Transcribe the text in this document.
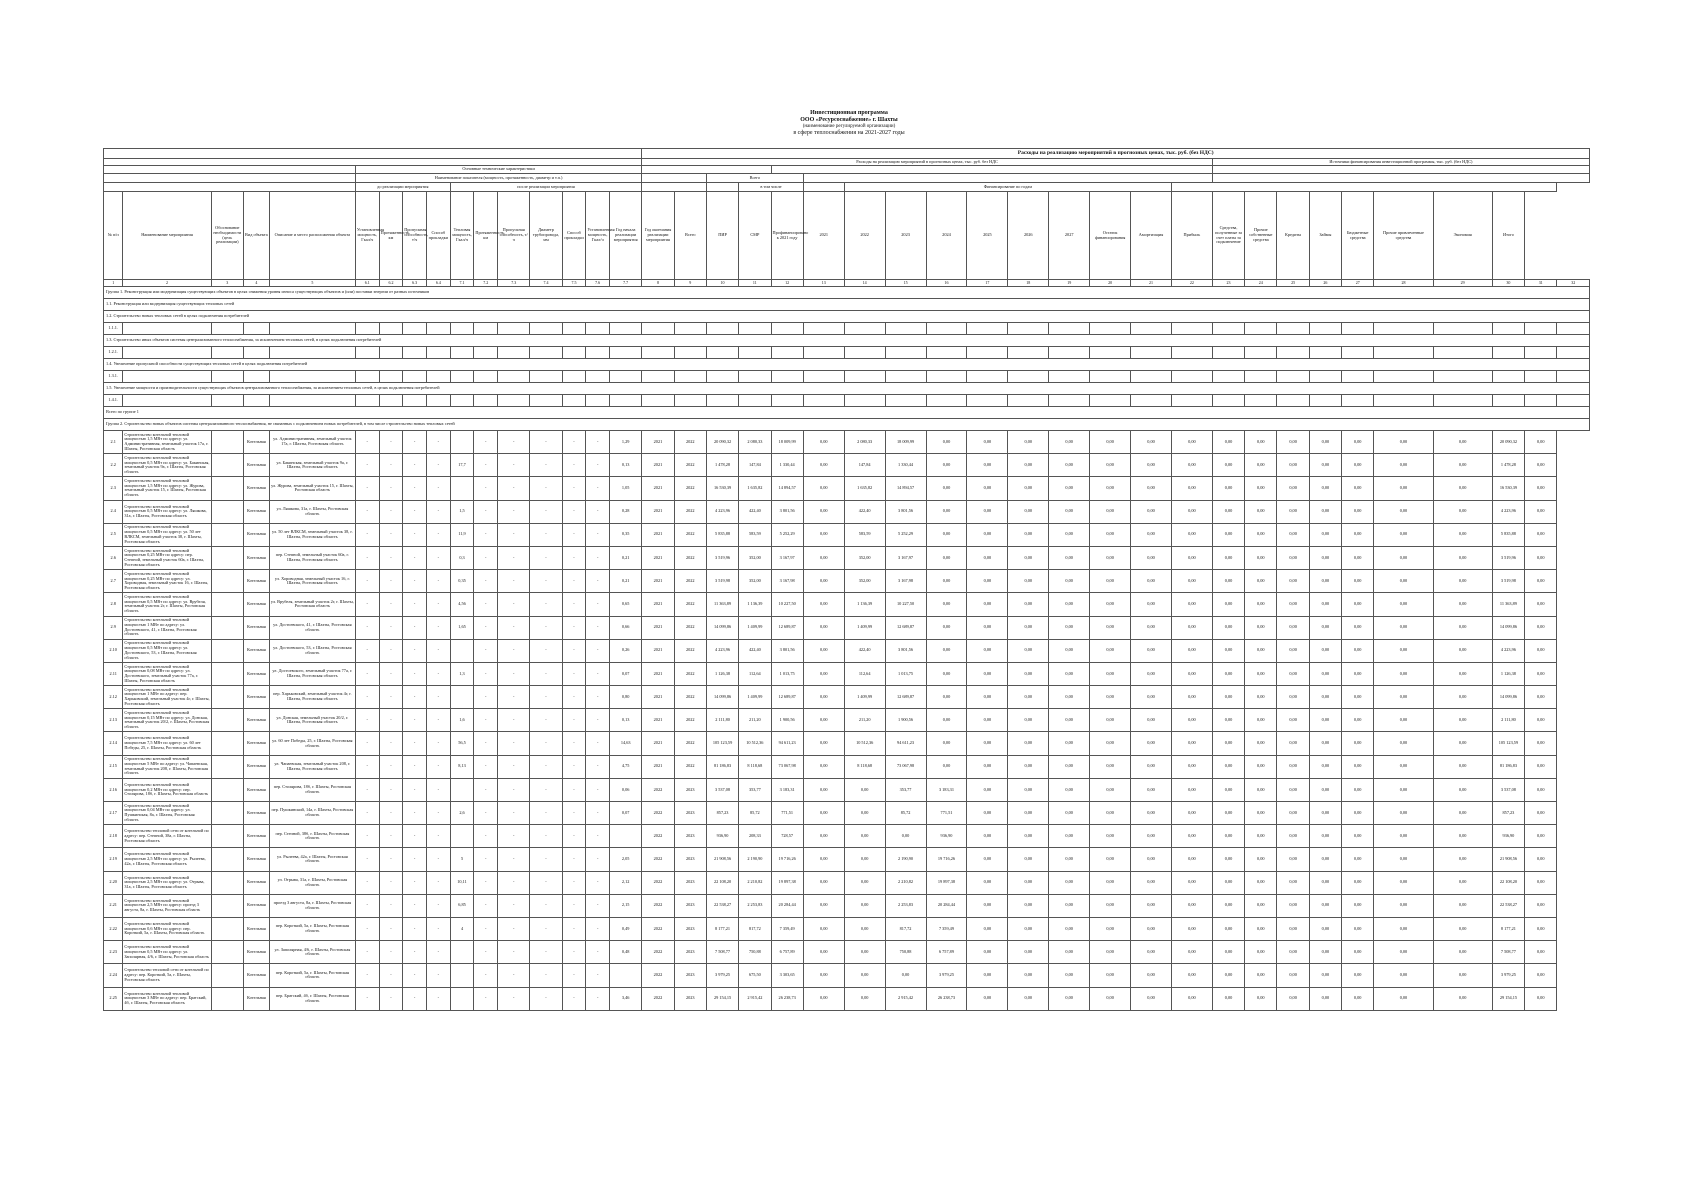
Инвестиционная программа
ООО «Ресурсоснабжение» г. Шахты
(наименование регулируемой организации)
в сфере теплоснабжения на 2021-2027 годы
																Расходы на реализацию мероприятий в прогнозных ценах, тыс. руб. (без НДС)																								
																Расходы на реализацию мероприятий в прогнозных ценах, тыс. руб. без НДС															Источники финансирования инвестиционной программы, тыс. руб. (без НДС)									
					Основные технические характеристики																																			
					Наименование показателя (мощность, протяженность, диаметр и т.п.)													Всего																						
					до реализации мероприятия				после реализации мероприятия										в том числе			Финансирование по годам																		
№ п/п	Наименование мероприятия	Обоснование необходимости (цель реализации)	Вид объекта	Описание и место расположения объекта	Установленная мощность, Гкал/ч	Протяженность, км	Пропускная способность, т/ч	Способ прокладки	Тепловая мощность, Гкал/ч	Протяженность, км	Пропускная способность, т/ч	Диаметр трубопровода, мм	Способ прокладки	Установленная мощность, Гкал/ч	Год начала реализации мероприятия	Год окончания реализации мероприятия	Всего	ПИР	СМР	Профинансировано к 2021 году	2021	2022	2023	2024	2025	2026	2027	Остаток финансирования	Амортизация	Прибыль	Средства, полученные за счет платы за подключение	Прочие собственные средства	Кредиты	Займы	Бюджетные средства	Прочие привлеченные средства	Экономия	Итого		
1	2	3	4	5	6.1	6.2	6.3	6.4	7.1	7.2	7.3	7.4	7.5	7.6	7.7	8	9	10	11	12	13	14	15	16	17	18	19	20	21	22	23	24	25	26	27	28	29	30	31	32
Группа 1. Реконструкция или модернизация существующих объектов в целях снижения уровня износа существующих объектов и (или) поставки энергии от разных источников																																								
1.1. Реконструкция или модернизация существующих тепловых сетей																																								
1.2. Строительство новых тепловых сетей в целях подключения потребителей																																								
1.1.1.																																								
1.3. Строительство иных объектов системы централизованного теплоснабжения, за исключением тепловых сетей, в целях подключения потребителей																																								
1.2.1.																																								
1.4. Увеличение пропускной способности существующих тепловых сетей в целях подключения потребителей																																								
1.3.1.																																								
1.5. Увеличение мощности и производительности существующих объектов централизованного теплоснабжения, за исключением тепловых сетей, в целях подключения потребителей																																								
1.4.1.																																								
Всего по группе 1																																								
Группа 2. Строительство новых объектов системы централизованного теплоснабжения, не связанных с подключением новых потребителей, в том числе строительство новых тепловых сетей																																								
2.1	Строительство котельной тепловой мощностью 1,5 МВт по адресу: ул. Административная, земельный участок 17а, г. Шахты, Ростовская область		Котельная	ул. Административная, земельный участок 17а, г. Шахты, Ростовская область	-	-	-	-		-	-	-	-	-	1,29	2021	2022	20 090,32	2 080,33	18 009,99	0,00	2 080,33	18 009,99	0,00	0,00	0,00	0,00	0,00	0,00	0,00	0,00	0,00	0,00	0,00	0,00	0,00	0,00	20 090,32	0,00	
2.2	Строительство котельной тепловой мощностью 0,5 МВт по адресу: ул. Бакинская, земельный участок 9а, г. Шахты, Ростовская область		Котельная	ул. Бакинская, земельный участок 9а, г. Шахты, Ростовская область	-	-	-	-	17,7	-	-	-	-	-	0,13	2021	2022	1 478,28	147,84	1 330,44	0,00	147,84	1 330,44	0,00	0,00	0,00	0,00	0,00	0,00	0,00	0,00	0,00	0,00	0,00	0,00	0,00	0,00	1 478,28	0,00	
2.3	Строительство котельной тепловой мощностью 1,5 МВт по адресу: ул. Журова, земельный участок 15, г. Шахты, Ростовская область		Котельная	ул. Журова, земельный участок 15, г. Шахты, Ростовская область	-	-	-	-		-	-	-	-	-	1,05	2021	2022	16 530,39	1 635,82	14 894,57	0,00	1 635,82	14 894,57	0,00	0,00	0,00	0,00	0,00	0,00	0,00	0,00	0,00	0,00	0,00	0,00	0,00	0,00	16 530,39	0,00	
2.4	Строительство котельной тепловой мощностью 0,5 МВт по адресу: ул. Ляшкова, 31а, г. Шахты, Ростовская область		Котельная	ул. Ляшкова, 31а, г. Шахты, Ростовская область	-	-	-	-	1,5	-	-	-	-	-	0,28	2021	2022	4 223,96	422,40	3 801,56	0,00	422,40	3 801,56	0,00	0,00	0,00	0,00	0,00	0,00	0,00	0,00	0,00	0,00	0,00	0,00	0,00	0,00	4 223,96	0,00	
2.5	Строительство котельной тепловой мощностью 0,5 МВт по адресу: ул. 50 лет ВЛКСМ, земельный участок 38, г. Шахты, Ростовская область		Котельная	ул. 50 лет ВЛКСМ, земельный участок 38, г. Шахты, Ростовская область	-	-	-	-	11,9	-	-	-	-	-	0,35	2021	2022	5 835,88	583,59	5 252,29	0,00	583,59	5 252,29	0,00	0,00	0,00	0,00	0,00	0,00	0,00	0,00	0,00	0,00	0,00	0,00	0,00	0,00	5 835,88	0,00	
2.6	Строительство котельной тепловой мощностью 0,25 МВт по адресу: пер. Степной, земельный участок 60а, г. Шахты, Ростовская область		Котельная	пер. Степной, земельный участок 60а, г. Шахты, Ростовская область	-	-	-	-	0,3	-	-	-	-	-	0,21	2021	2022	3 519,96	352,00	3 167,97	0,00	352,00	3 167,97	0,00	0,00	0,00	0,00	0,00	0,00	0,00	0,00	0,00	0,00	0,00	0,00	0,00	0,00	3 519,96	0,00	
2.7	Строительство котельной тепловой мощностью 0,25 МВт по адресу: ул. Хороводная, земельный участок 16, г. Шахты, Ростовская область		Котельная	ул. Хороводная, земельный участок 16, г. Шахты, Ростовская область	-	-	-	-	0,35	-	-	-	-	-	0,21	2021	2022	3 519,98	352,00	3 167,98	0,00	352,00	3 167,98	0,00	0,00	0,00	0,00	0,00	0,00	0,00	0,00	0,00	0,00	0,00	0,00	0,00	0,00	3 519,98	0,00	
2.8	Строительство котельной тепловой мощностью 0,5 МВт по адресу: ул. Врубеля, земельный участок 2г, г. Шахты, Ростовская область		Котельная	ул. Врубеля, земельный участок 2г, г. Шахты, Ростовская область	-	-	-	-	4,56	-	-	-	-	-	0,65	2021	2022	11 363,89	1 136,39	10 227,50	0,00	1 136,39	10 227,50	0,00	0,00	0,00	0,00	0,00	0,00	0,00	0,00	0,00	0,00	0,00	0,00	0,00	0,00	11 363,89	0,00	
2.9	Строительство котельной тепловой мощностью 1 МВт по адресу: ул. Достоевского, 41, г. Шахты, Ростовская область		Котельная	ул. Достоевского, 41, г. Шахты, Ростовская область	-	-	-	-	1,65	-	-	-	-	-	0,66	2021	2022	14 099,86	1 409,99	12 689,87	0,00	1 409,99	12 689,87	0,00	0,00	0,00	0,00	0,00	0,00	0,00	0,00	0,00	0,00	0,00	0,00	0,00	0,00	14 099,86	0,00	
2.10	Строительство котельной тепловой мощностью 0,5 МВт по адресу: ул. Достоевского, 53, г. Шахты, Ростовская область		Котельная	ул. Достоевского, 53, г. Шахты, Ростовская область	-	-	-	-		-	-	-	-	-	0,26	2021	2022	4 223,96	422,40	3 801,56	0,00	422,40	3 801,56	0,00	0,00	0,00	0,00	0,00	0,00	0,00	0,00	0,00	0,00	0,00	0,00	0,00	0,00	4 223,96	0,00	
2.11	Строительство котельной тепловой мощностью 0,08 МВт по адресу: ул. Достоевского, земельный участок 77а, г. Шахты, Ростовская область		Котельная	ул. Достоевского, земельный участок 77а, г. Шахты, Ростовская область	-	-	-	-	1,3	-	-	-	-	-	0,07	2021	2022	1 126,38	112,64	1 013,75	0,00	112,64	1 013,75	0,00	0,00	0,00	0,00	0,00	0,00	0,00	0,00	0,00	0,00	0,00	0,00	0,00	0,00	1 126,38	0,00	
2.12	Строительство котельной тепловой мощностью 1 МВт по адресу: пер. Харьковский, земельный участок 4г, г. Шахты, Ростовская область		Котельная	пер. Харьковский, земельный участок 4г, г. Шахты, Ростовская область	-	-	-	-		-	-	-	-	-	0,80	2021	2022	14 099,86	1 409,99	12 689,87	0,00	1 409,99	12 689,87	0,00	0,00	0,00	0,00	0,00	0,00	0,00	0,00	0,00	0,00	0,00	0,00	0,00	0,00	14 099,86	0,00	
2.13	Строительство котельной тепловой мощностью 0,15 МВт по адресу: ул. Донская, земельный участок 20/2, г. Шахты, Ростовская область		Котельная	ул. Донская, земельный участок 20/2, г. Шахты, Ростовская область	-	-	-	-	1,6	-	-	-	-	-	0,13	2021	2022	2 111,80	211,20	1 900,56	0,00	211,20	1 900,56	0,00	0,00	0,00	0,00	0,00	0,00	0,00	0,00	0,00	0,00	0,00	0,00	0,00	0,00	2 111,80	0,00	
2.14	Строительство котельной тепловой мощностью 7,5 МВт по адресу: ул. 60 лет Победы, 25, г. Шахты, Ростовская область		Котельная	ул. 60 лет Победы, 25, г. Шахты, Ростовская область	-	-	-	-	56,5	-	-	-	-	-	14,63	2021	2022	105 123,59	10 512,36	94 611,23	0,00	10 512,36	94 611,23	0,00	0,00	0,00	0,00	0,00	0,00	0,00	0,00	0,00	0,00	0,00	0,00	0,00	0,00	105 123,59	0,00	
2.15	Строительство котельной тепловой мощностью 5 МВт по адресу: ул. Чапаевская, земельный участок 208, г. Шахты, Ростовская область		Котельная	ул. Чапаевская, земельный участок 208, г. Шахты, Ростовская область	-	-	-	-	8,13	-	-	-	-	-	4,75	2021	2022	81 186,83	8 118,68	73 067,98	0,00	8 118,68	73 067,98	0,00	0,00	0,00	0,00	0,00	0,00	0,00	0,00	0,00	0,00	0,00	0,00	0,00	0,00	81 186,83	0,00	
2.16	Строительство котельной тепловой мощностью 0,2 МВт по адресу: пер. Столярова, 18б, г. Шахты, Ростовская область		Котельная	пер. Столярова, 18б, г. Шахты, Ростовская область	-	-	-	-		-	-	-	-	-	0,06	2022	2023	3 537,08	353,77	3 183,31	0,00	0,00	353,77	3 183,31	0,00	0,00	0,00	0,00	0,00	0,00	0,00	0,00	0,00	0,00	0,00	0,00	0,00	3 537,08	0,00	
2.17	Строительство котельной тепловой мощностью 0,04 МВт по адресу: ул. Пушкинская, 8а, г. Шахты, Ростовская область		Котельная	пер. Пушкинский, 14а, г. Шахты, Ростовская область	-	-	-	-	2,6	-	-	-	-	-	0,07	2022	2023	857,23	85,72	771,51	0,00	0,00	85,72	771,51	0,00	0,00	0,00	0,00	0,00	0,00	0,00	0,00	0,00	0,00	0,00	0,00	0,00	857,23	0,00	
2.18	Строительство тепловой сети от котельной по адресу: пер. Степной, 38а, г. Шахты, Ростовская область		Котельная	пер. Степной, 38б, г. Шахты, Ростовская область	-	-	-	-		-	-	-	-	-		2022	2023	936,90	208,33	728,57	0,00	0,00	0,00	936,90	0,00	0,00	0,00	0,00	0,00	0,00	0,00	0,00	0,00	0,00	0,00	0,00	0,00	936,90	0,00	
2.19	Строительство котельной тепловой мощностью 2,5 МВт по адресу: ул. Рылеева, 42а, г. Шахты, Ростовская область		Котельная	ул. Рылеева, 42а, г. Шахты, Ростовская область	-	-	-	-	5	-	-	-	-	-	2,05	2022	2023	21 908,56	2 190,90	19 716,26	0,00	0,00	2 190,90	19 716,26	0,00	0,00	0,00	0,00	0,00	0,00	0,00	0,00	0,00	0,00	0,00	0,00	0,00	21 908,56	0,00	
2.20	Строительство котельной тепловой мощностью 2,5 МВт по адресу: ул. Отрыва, 31а, г. Шахты, Ростовская область		Котельная	ул. Отрыва, 31а, г. Шахты, Ростовская область	-	-	-	-	10,11	-	-	-	-	-	2,12	2022	2023	22 108,20	2 210,82	19 897,38	0,00	0,00	2 210,82	19 897,38	0,00	0,00	0,00	0,00	0,00	0,00	0,00	0,00	0,00	0,00	0,00	0,00	0,00	22 108,20	0,00	
2.21	Строительство котельной тепловой мощностью 2,5 МВт по адресу: проезд 3 августа, 8а, г. Шахты, Ростовская область		Котельная	проезд 3 августа, 8а, г. Шахты, Ростовская область	-	-	-	-	6,85	-	-	-	-	-	2,15	2022	2023	22 538,27	2 253,83	20 284,44	0,00	0,00	2 253,83	20 284,44	0,00	0,00	0,00	0,00	0,00	0,00	0,00	0,00	0,00	0,00	0,00	0,00	0,00	22 538,27	0,00	
2.22	Строительство котельной тепловой мощностью 0,6 МВт по адресу: пер. Короткий, 5а, г. Шахты, Ростовская область		Котельная	пер. Короткий, 5а, г. Шахты, Ростовская область	-	-	-	-	4	-	-	-	-	-	0,49	2022	2023	8 177,21	817,72	7 359,49	0,00	0,00	817,72	7 359,49	0,00	0,00	0,00	0,00	0,00	0,00	0,00	0,00	0,00	0,00	0,00	0,00	0,00	8 177,21	0,00	
2.23	Строительство котельной тепловой мощностью 0,5 МВт по адресу: ул. Заполярная, 4/6, г. Шахты, Ростовская область		Котельная	ул. Заполярная, 4/6, г. Шахты, Ростовская область	-	-	-	-		-	-	-	-	-	0,48	2022	2023	7 508,77	750,88	6 757,89	0,00	0,00	750,88	6 757,89	0,00	0,00	0,00	0,00	0,00	0,00	0,00	0,00	0,00	0,00	0,00	0,00	0,00	7 508,77	0,00	
2.24	Строительство тепловой сети от котельной по адресу: пер. Короткий, 5а, г. Шахты, Ростовская область		Котельная	пер. Короткий, 5а, г. Шахты, Ростовская область	-	-	-	-		-	-	-	-	-		2022	2023	3 979,25	675,50	3 303,65	0,00	0,00	0,00	3 979,25	0,00	0,00	0,00	0,00	0,00	0,00	0,00	0,00	0,00	0,00	0,00	0,00	0,00	3 979,25	0,00	
2.25	Строительство котельной тепловой мощностью 3 МВт по адресу: пер. Братский, 4б, г. Шахты, Ростовская область		Котельная	пер. Братский, 4б, г. Шахты, Ростовская область	-	-	-	-		-	-	-	-	-	3,46	2022	2023	29 154,15	2 915,42	26 238,73	0,00	0,00	2 915,42	26 238,73	0,00	0,00	0,00	0,00	0,00	0,00	0,00	0,00	0,00	0,00	0,00	0,00	0,00	29 154,15	0,00	
